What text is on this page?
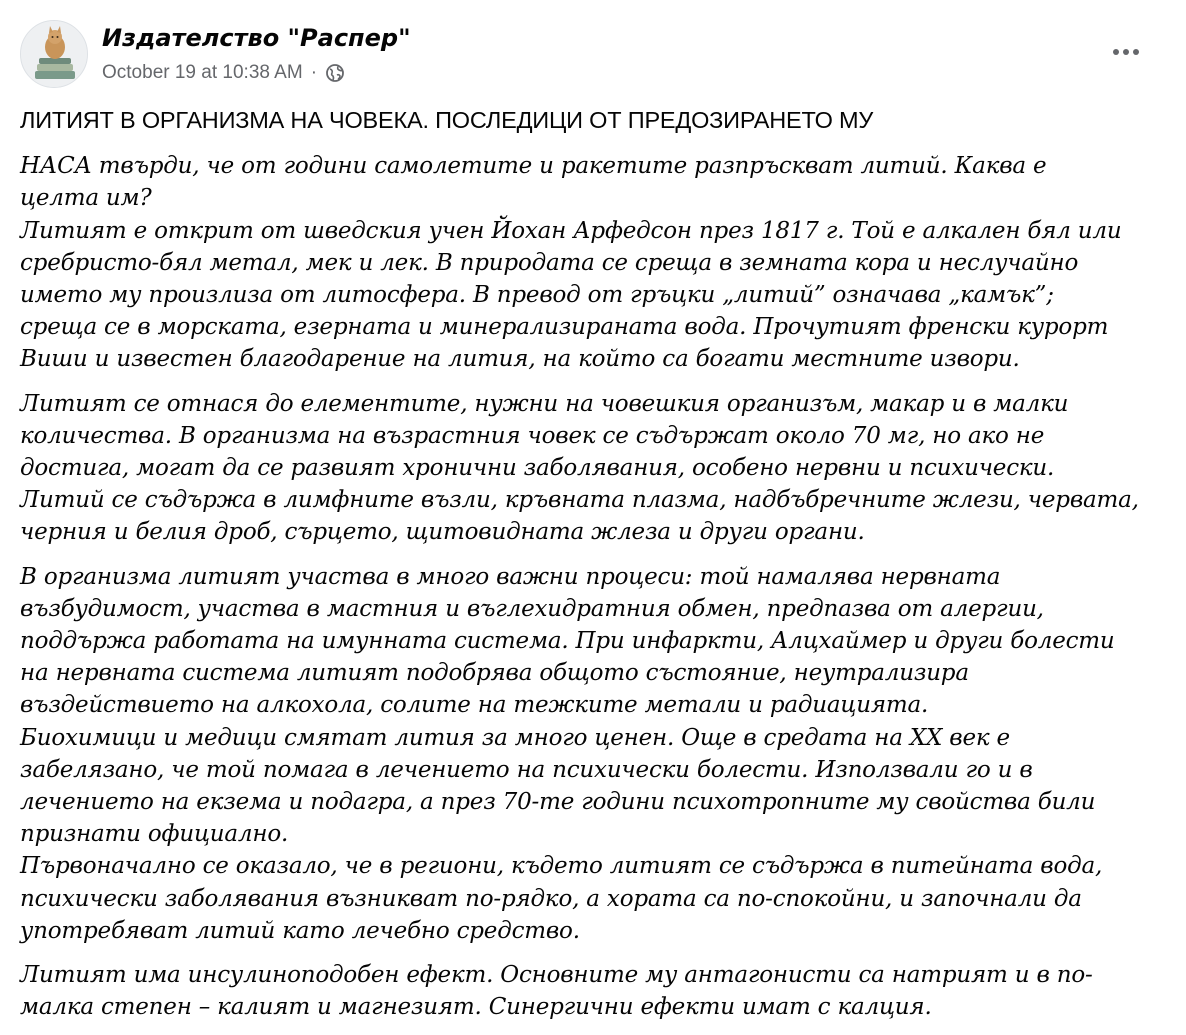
Издателство "Распер"
October 19 at 10:38 AM ·

ЛИТИЯТ В ОРГАНИЗМА НА ЧОВЕКА. ПОСЛЕДИЦИ ОТ ПРЕДОЗИРАНЕТО МУ

НАСА твърди, че от години самолетите и ракетите разпръскват литий. Каква е
целта им?
Литият е открит от шведския учен Йохан Арфедсон през 1817 г. Той е алкален бял или
сребристо-бял метал, мек и лек. В природата се среща в земната кора и неслучайно
името му произлиза от литосфера. В превод от гръцки „литий” означава „камък”;
среща се в морската, езерната и минерализираната вода. Прочутият френски курорт
Виши и известен благодарение на лития, на който са богати местните извори.

Литият се отнася до елементите, нужни на човешкия организъм, макар и в малки
количества. В организма на възрастния човек се съдържат около 70 мг, но ако не
достига, могат да се развият хронични заболявания, особено нервни и психически.
Литий се съдържа в лимфните възли, кръвната плазма, надбъбречните жлези, червата,
черния и белия дроб, сърцето, щитовидната жлеза и други органи.

В организма литият участва в много важни процеси: той намалява нервната
възбудимост, участва в мастния и въглехидратния обмен, предпазва от алергии,
поддържа работата на имунната система. При инфаркти, Алцхаймер и други болести
на нервната система литият подобрява общото състояние, неутрализира
въздействието на алкохола, солите на тежките метали и радиацията.
Биохимици и медици смятат лития за много ценен. Още в средата на XX век е
забелязано, че той помага в лечението на психически болести. Използвали го и в
лечението на екзема и подагра, а през 70-те години психотропните му свойства били
признати официално.
Първоначално се оказало, че в региони, където литият се съдържа в питейната вода,
психически заболявания възникват по-рядко, а хората са по-спокойни, и започнали да
употребяват литий като лечебно средство.

Литият има инсулиноподобен ефект. Основните му антагонисти са натрият и в по-
малка степен – калият и магнезият. Синергични ефекти имат с калция.
